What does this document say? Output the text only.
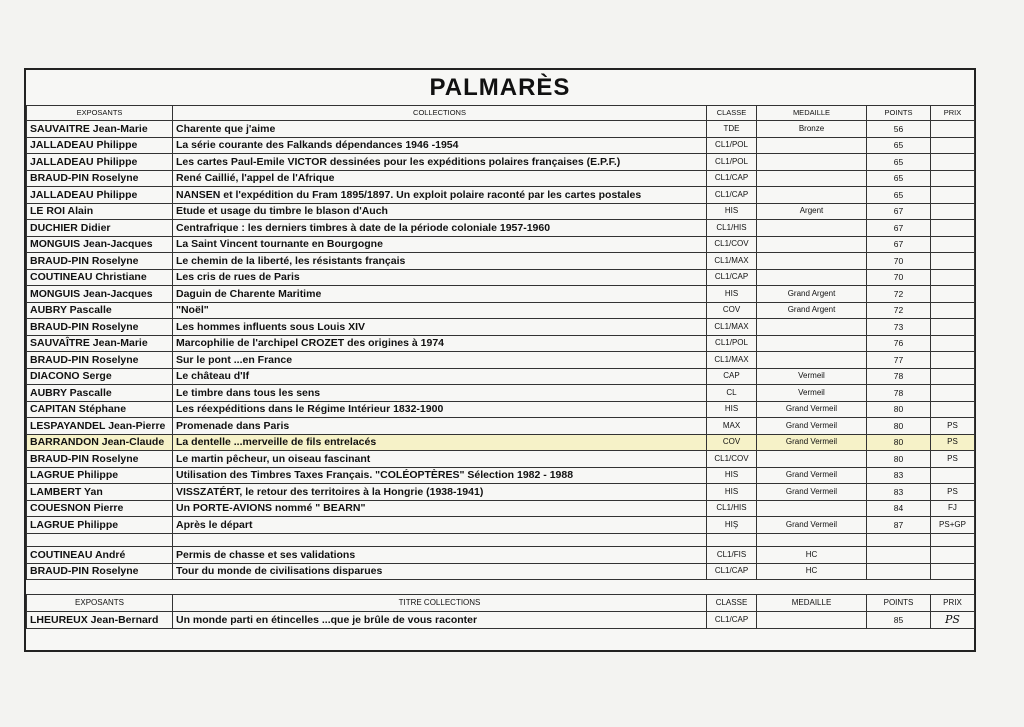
PALMARÈS
EXPOSANTS	COLLECTIONS	CLASSE	MEDAILLE	POINTS	PRIX
SAUVAITRE Jean-Marie	Charente que j'aime	TDE	Bronze	56	
JALLADEAU Philippe	La série courante des Falkands dépendances 1946 -1954	CL1/POL		65	
JALLADEAU Philippe	Les cartes Paul-Emile VICTOR dessinées pour les expéditions polaires françaises (E.P.F.)	CL1/POL		65	
BRAUD-PIN Roselyne	René Caillié, l'appel de l'Afrique	CL1/CAP		65	
JALLADEAU Philippe	NANSEN et l'expédition du Fram 1895/1897. Un exploit polaire raconté par les cartes postales	CL1/CAP		65	
LE ROI Alain	Etude et usage du timbre le blason d'Auch	HIS	Argent	67	
DUCHIER Didier	Centrafrique : les derniers timbres à date de la période coloniale 1957-1960	CL1/HIS		67	
MONGUIS Jean-Jacques	La Saint Vincent tournante en Bourgogne	CL1/COV		67	
BRAUD-PIN Roselyne	Le chemin de la liberté, les résistants français	CL1/MAX		70	
COUTINEAU Christiane	Les cris de rues de Paris	CL1/CAP		70	
MONGUIS Jean-Jacques	Daguin de Charente Maritime	HIS	Grand Argent	72	
AUBRY Pascalle	"Noël"	COV	Grand Argent	72	
BRAUD-PIN Roselyne	Les hommes influents sous Louis XIV	CL1/MAX		73	
SAUVAÎTRE Jean-Marie	Marcophilie de l'archipel CROZET des origines à 1974	CL1/POL		76	
BRAUD-PIN Roselyne	Sur le pont ...en France	CL1/MAX		77	
DIACONO Serge	Le château d'If	CAP	Vermeil	78	
AUBRY Pascalle	Le timbre dans tous les sens	CL	Vermeil	78	
CAPITAN Stéphane	Les réexpéditions dans le Régime Intérieur 1832-1900	HIS	Grand Vermeil	80	
LESPAYANDEL Jean-Pierre	Promenade dans Paris	MAX	Grand Vermeil	80	PS
BARRANDON Jean-Claude	La dentelle ...merveille de fils entrelacés	COV	Grand Vermeil	80	PS
BRAUD-PIN Roselyne	Le martin pêcheur, un oiseau fascinant	CL1/COV		80	PS
LAGRUE Philippe	Utilisation des Timbres Taxes Français. "COLÉOPTÈRES" Sélection 1982 - 1988	HIS	Grand Vermeil	83	
LAMBERT Yan	VISSZATÉRT, le retour des territoires à la Hongrie (1938-1941)	HIS	Grand Vermeil	83	PS
COUESNON Pierre	Un PORTE-AVIONS nommé " BEARN"	CL1/HIS		84	FJ
LAGRUE Philippe	Après le départ	HIŞ	Grand Vermeil	87	PS+GP

COUTINEAU André	Permis de chasse et ses validations	CL1/FIS	HC		
BRAUD-PIN Roselyne	Tour du monde de civilisations disparues	CL1/CAP	HC		
EXPOSANTS	TITRE COLLECTIONS	CLASSE	MEDAILLE	POINTS	PRIX
LHEUREUX Jean-Bernard	Un monde parti en étincelles ...que je brûle de vous raconter	CL1/CAP		85	PS
